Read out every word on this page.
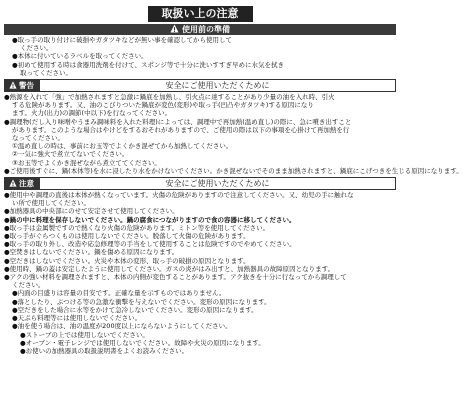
取扱い上の注意
使用前の準備
●取っ手の取り付けに破損やガタツキなどが無い事を確認してから使用して
ください。
●本体に付いているラベルを取ってください。
●初めて使用する時は食器用洗剤を付けて、スポンジ等で十分に洗いすすぎ早めに水気を拭き
取ってください。
警告	安全にご使用いただくために
●熱源を入れて「強」で加熱されますと急激に鍋底を加熱し、引火点に達することがあり少量の油を入れ時、引火
する危険があります。又、油のこびりついた鍋底が変色(変形)や取っ手(凹凸やガタツキ)する原因になり
ます。火力(出力)の調節(中以下)を行なってください。
●調理物(だし入り味噌やうまみ調味料を入れた料理)によっては、調理中で再加熱(温め直し)の際に、急に噴き出すこと
があります。このような場合はやけどをするおそれがありますので、ご使用の際は以下の事項を心掛けて再加熱を行
なってください。
①温め直しの時は、事前にお玉等でよくかき混ぜてから加熱してください。
②一気に強火で煮立てないでください。
③お玉等でよくかき混ぜながら煮立ててください。
●ご使用後すぐに、鍋(本体等)を水に浸したり水をかけないでください。かき混ぜないでそのまま加熱されますと、鍋底にこげつきを生じる原因になります。
注意	安全にご使用いただくために
●使用中や調理の直後は本体が熱くなっています。火傷の危険がありますので注意してください。又、幼児の手に触れな
い所で使用してください。
●加熱器具の中央部にのせて安定させて使用してください。
●鍋の中に料理を保存しないでください。鍋の腐食につながりますので食の容器に移してください。
●取っ手は金属製ですので熱くなり火傷の危険があります。ミトン等を使用してください。
●取っ手がぐらつくものは使用しないでください。脱落して火傷の危険があります。
●取っ手の取り外し、改造や応急修理等の手当をして使用することは危険ですのでやめてください。
●空焚きはしないでください。鍋を傷める原因になります。
●空だきはしないでください。火災や本体の変形、取っ手の破損の原因となります。
●使用時、鍋の蓋は安定したように使用してください。ガスの炎がはみ出すと、加熱器具の故障原因となります。
●アクの強い材料を調理されますと、本体の内側が変色することがあります。アク抜きを十分に行なってから調理して
ください。
●内面の目盛りは容量の目安です。正確な量を示すものではありません。
●落としたり、ぶつける等の急激な衝撃を与えないでください。変形の原因になります。
●空だきをした場合に水等をかけて急冷しないでください。変形の原因になります。
●天ぷら料理等には使用しないでください。
●油を使う場合は、油の温度が200度以上にならないようにしてください。
●ストーブの上では使用しないでください。
●オーブン・電子レンジでは使用しないでください。故障や火災の原因になります。
●お使いの加熱器具の取扱説明書をよくお読みください。
